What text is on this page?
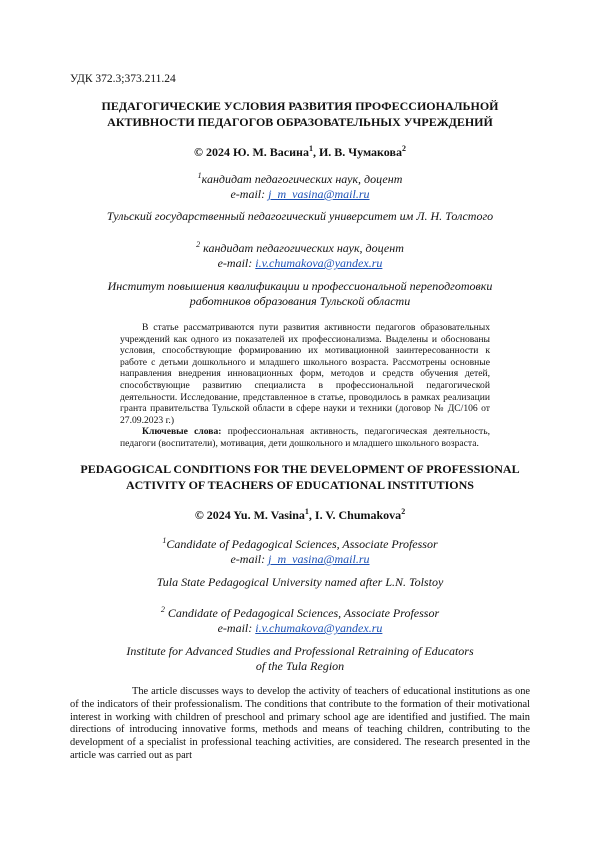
УДК 372.3;373.211.24
ПЕДАГОГИЧЕСКИЕ УСЛОВИЯ РАЗВИТИЯ ПРОФЕССИОНАЛЬНОЙ
АКТИВНОСТИ ПЕДАГОГОВ ОБРАЗОВАТЕЛЬНЫХ УЧРЕЖДЕНИЙ
© 2024 Ю. М. Васина$^1$, И. В. Чумакова$^2$
$^1$кандидат педагогических наук, доцент
e-mail: j_m_vasina@mail.ru
Тульский государственный педагогический университет им Л. Н. Толстого
$^2$ кандидат педагогических наук, доцент
e-mail: i.v.chumakova@yandex.ru
Институт повышения квалификации и профессиональной переподготовки
работников образования Тульской области
В статье рассматриваются пути развития активности педагогов образовательных учреждений как одного из показателей их профессионализма. Выделены и обоснованы условия, способствующие формированию их мотивационной заинтересованности к работе с детьми дошкольного и младшего школьного возраста. Рассмотрены основные направления внедрения инновационных форм, методов и средств обучения детей, способствующие развитию специалиста в профессиональной педагогической деятельности. Исследование, представленное в статье, проводилось в рамках реализации гранта правительства Тульской области в сфере науки и техники (договор № ДС/106 от 27.09.2023 г.)
Ключевые слова: профессиональная активность, педагогическая деятельность, педагоги (воспитатели), мотивация, дети дошкольного и младшего школьного возраста.
PEDAGOGICAL CONDITIONS FOR THE DEVELOPMENT OF PROFESSIONAL
ACTIVITY OF TEACHERS OF EDUCATIONAL INSTITUTIONS
© 2024 Yu. M. Vasina$^1$, I. V. Chumakova$^2$
$^1$Candidate of Pedagogical Sciences, Associate Professor
e-mail: j_m_vasina@mail.ru
Tula State Pedagogical University named after L.N. Tolstoy
$^2$ Candidate of Pedagogical Sciences, Associate Professor
e-mail: i.v.chumakova@yandex.ru
Institute for Advanced Studies and Professional Retraining of Educators
of the Tula Region
The article discusses ways to develop the activity of teachers of educational institutions as one of the indicators of their professionalism. The conditions that contribute to the formation of their motivational interest in working with children of preschool and primary school age are identified and justified. The main directions of introducing innovative forms, methods and means of teaching children, contributing to the development of a specialist in professional teaching activities, are considered. The research presented in the article was carried out as part
